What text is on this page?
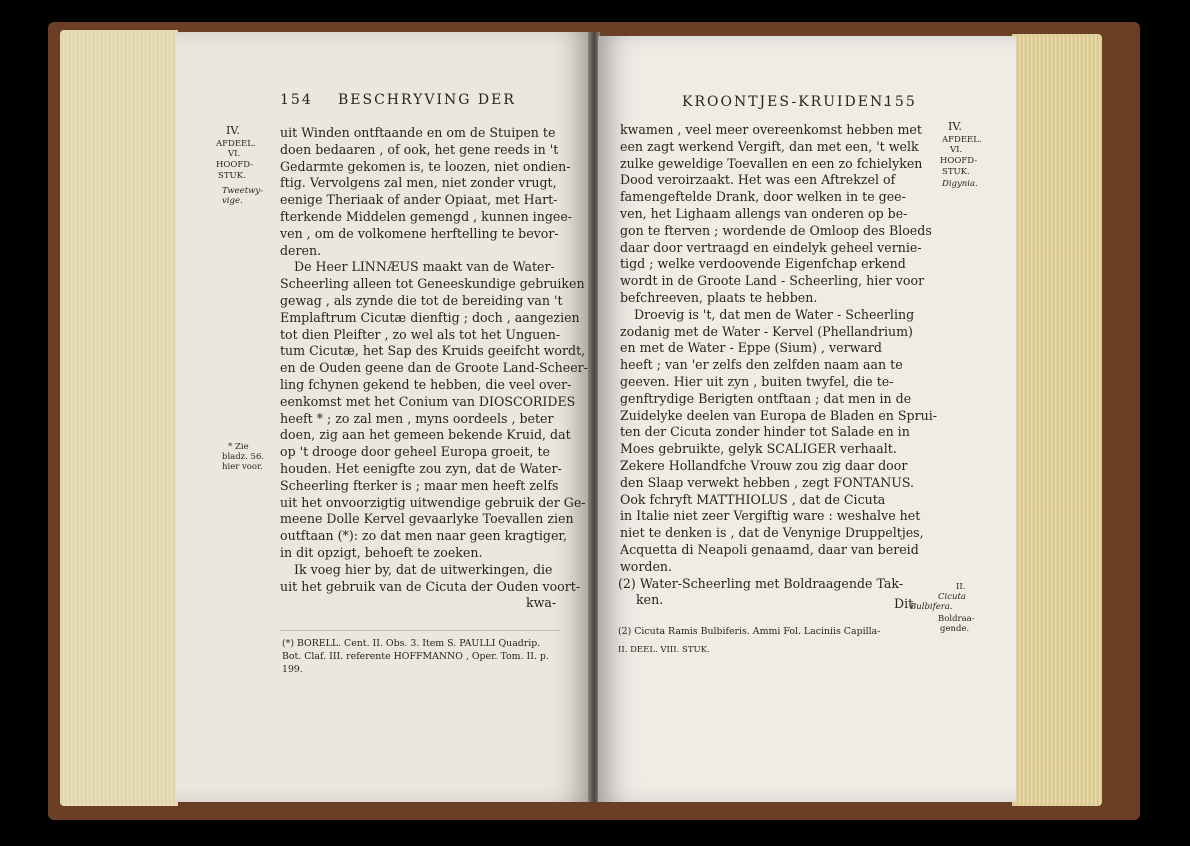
154 BESCHRYVING DER
IV.
AFDEEL.
VI.
HOOFD-
STUK.
Tweetwy-
vige.
* Zie
bladz. 56.
hier voor.
uit Winden ontftaande en om de Stuipen te
doen bedaaren , of ook, het gene reeds in 't
Gedarmte gekomen is, te loozen, niet ondien-
ftig. Vervolgens zal men, niet zonder vrugt,
eenige Theriaak of ander Opiaat, met Hart-
fterkende Middelen gemengd , kunnen ingee-
ven , om de volkomene herftelling te bevor-
deren.
De Heer LINNÆUS maakt van de Water-
Scheerling alleen tot Geneeskundige gebruiken
gewag , als zynde die tot de bereiding van 't
Emplaftrum Cicutæ dienftig ; doch , aangezien
tot dien Pleifter , zo wel als tot het Unguen-
tum Cicutæ, het Sap des Kruids geeifcht wordt,
en de Ouden geene dan de Groote Land-Scheer-
ling fchynen gekend te hebben, die veel over-
eenkomst met het Conium van DIOSCORIDES
heeft * ; zo zal men , myns oordeels , beter
doen, zig aan het gemeen bekende Kruid, dat
op 't drooge door geheel Europa groeit, te
houden. Het eenigfte zou zyn, dat de Water-
Scheerling fterker is ; maar men heeft zelfs
uit het onvoorzigtig uitwendige gebruik der Ge-
meene Dolle Kervel gevaarlyke Toevallen zien
outftaan (*): zo dat men naar geen kragtiger,
in dit opzigt, behoeft te zoeken.
Ik voeg hier by, dat de uitwerkingen, die
uit het gebruik van de Cicuta der Ouden voort-
kwa-
(*) BORELL. Cent. II. Obs. 3. Item S. PAULLI Quadrip.
Bot. Claf. III. referente HOFFMANNO , Oper. Tom. II. p.
199.
KROONTJES-KRUIDEN.
155
IV.
AFDEEL.
VI.
HOOFD-
STUK.
Digynia.
kwamen , veel meer overeenkomst hebben met
een zagt werkend Vergift, dan met een, 't welk
zulke geweldige Toevallen en een zo fchielyken
Dood veroirzaakt. Het was een Aftrekzel of
famengeftelde Drank, door welken in te gee-
ven, het Lighaam allengs van onderen op be-
gon te fterven ; wordende de Omloop des Bloeds
daar door vertraagd en eindelyk geheel vernie-
tigd ; welke verdoovende Eigenfchap erkend
wordt in de Groote Land - Scheerling, hier voor
befchreeven, plaats te hebben.
Droevig is 't, dat men de Water - Scheerling
zodanig met de Water - Kervel (Phellandrium)
en met de Water - Eppe (Sium) , verward
heeft ; van 'er zelfs den zelfden naam aan te
geeven. Hier uit zyn , buiten twyfel, die te-
genftrydige Berigten ontftaan ; dat men in de
Zuidelyke deelen van Europa de Bladen en Sprui-
ten der Cicuta zonder hinder tot Salade en in
Moes gebruikte, gelyk SCALIGER verhaalt.
Zekere Hollandfche Vrouw zou zig daar door
den Slaap verwekt hebben , zegt FONTANUS.
Ook fchryft MATTHIOLUS , dat de Cicuta
in Italie niet zeer Vergiftig ware : weshalve het
niet te denken is , dat de Venynige Druppeltjes,
Acquetta di Neapoli genaamd, daar van bereid
worden.
(2) Water-Scheerling met Boldraagende Tak-
ken.	Dit
II.
Cicuta
Bulbifera.
Boldraa-
gende.
(2) Cicuta Ramis Bulbiferis. Ammi Fol. Laciniis Capilla-
II. DEEL. VIII. STUK.
